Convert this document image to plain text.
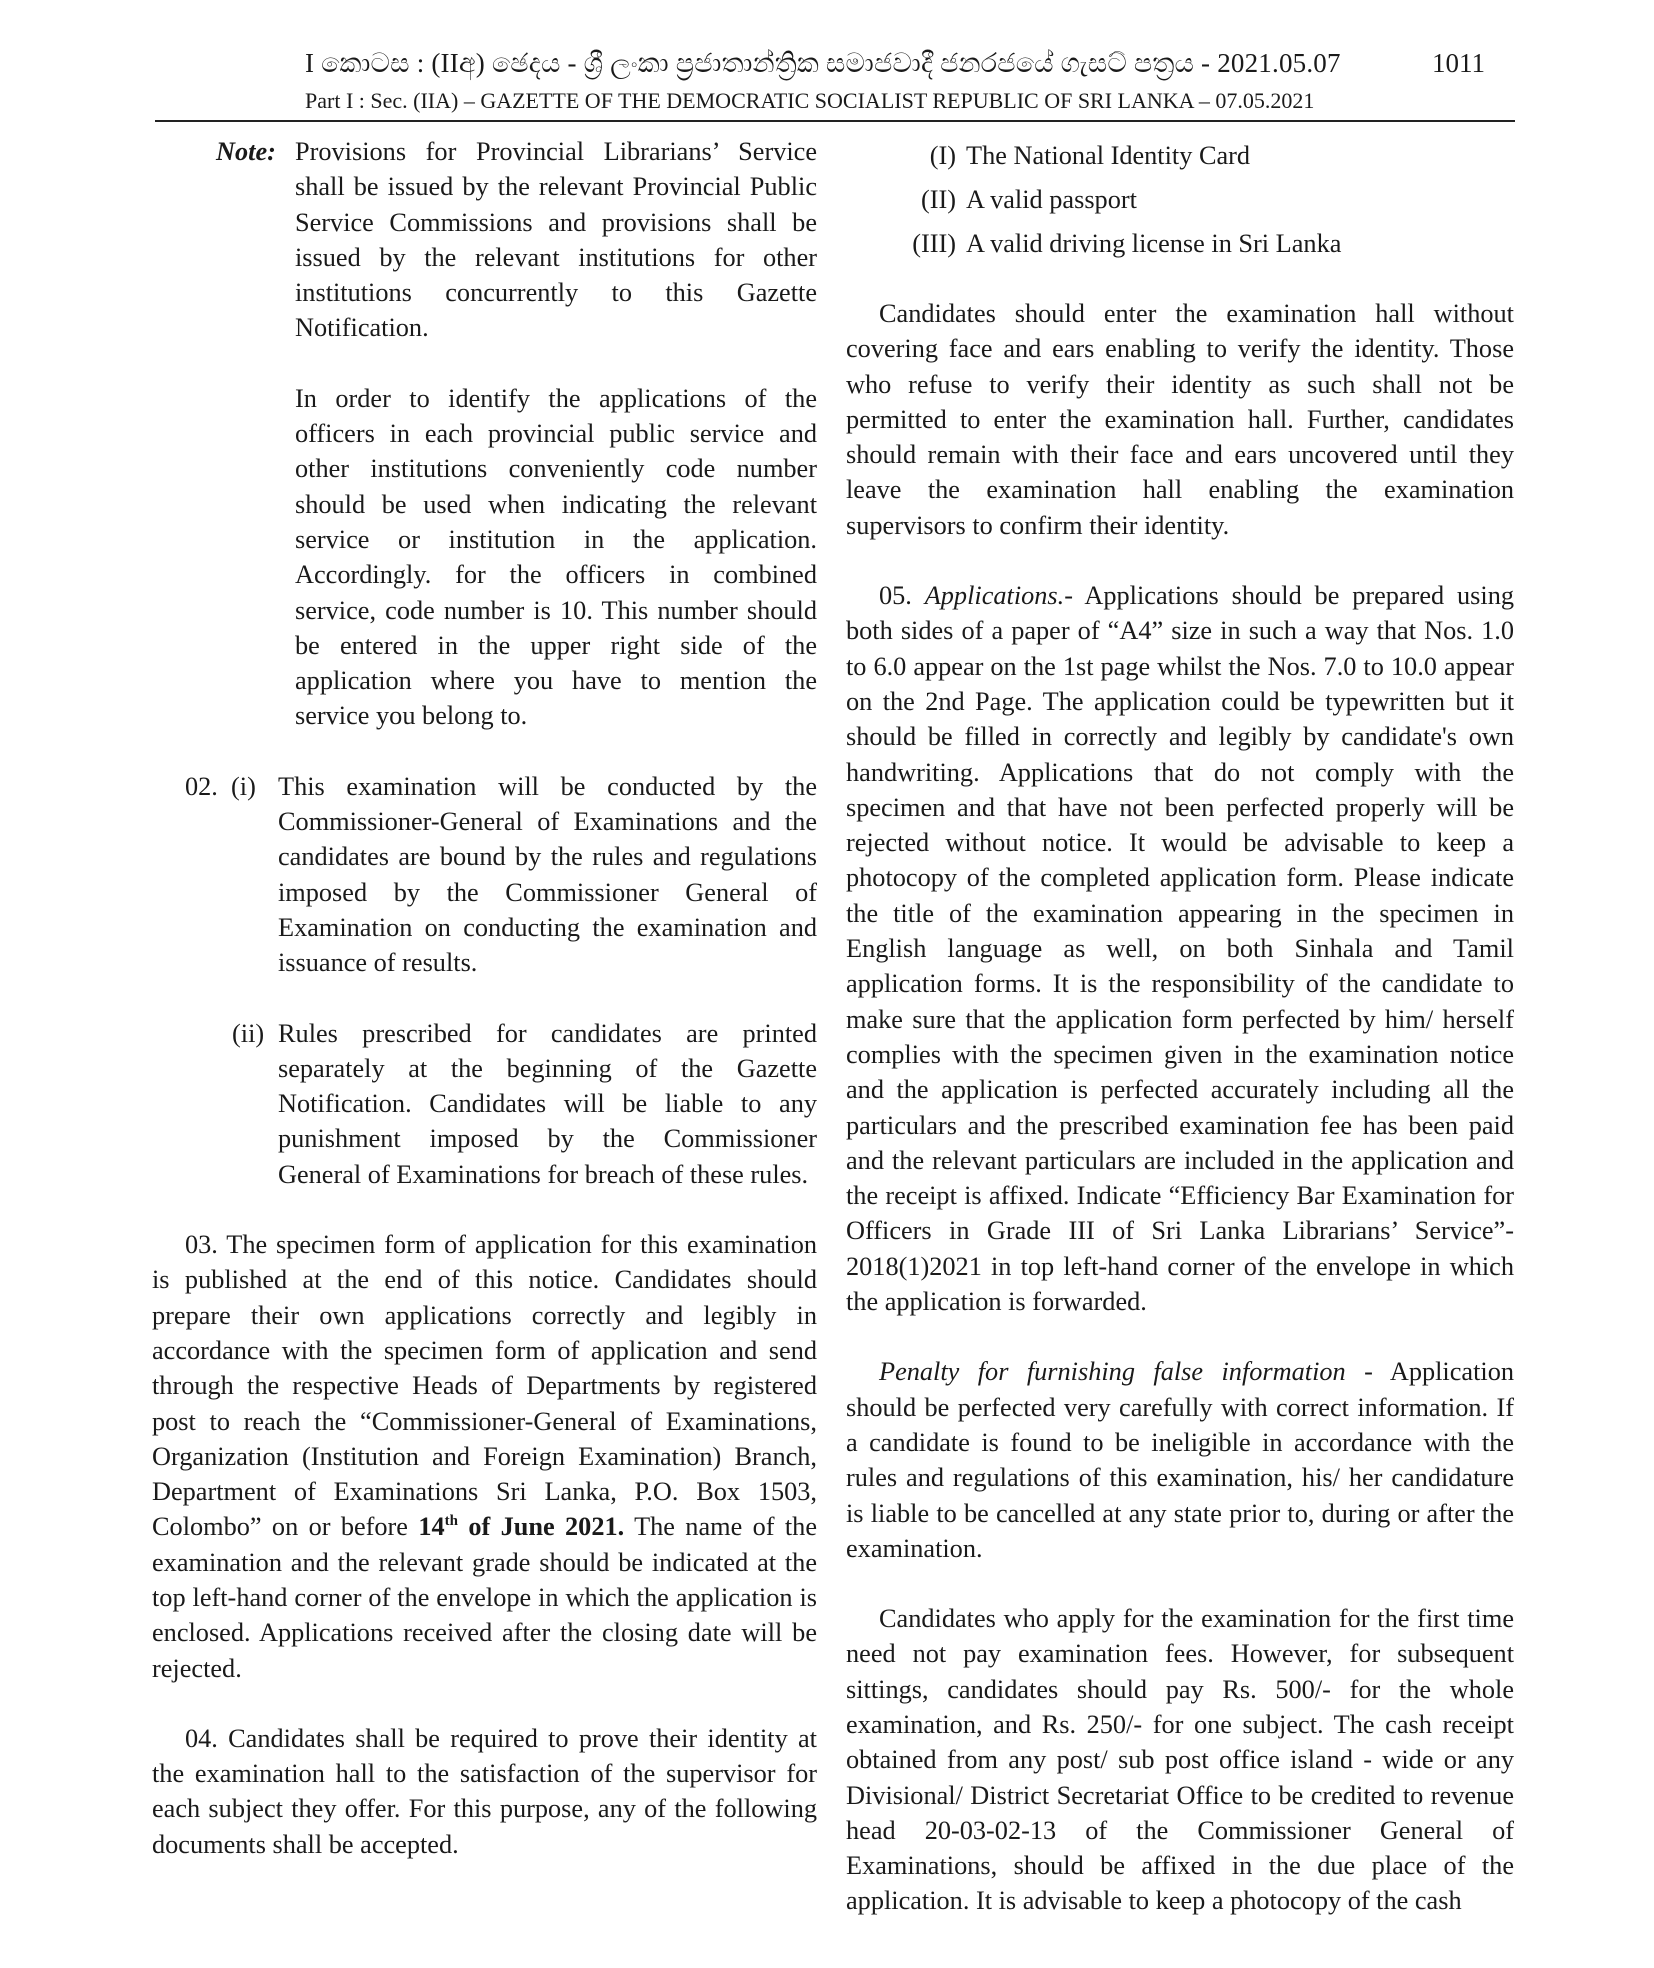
I කොටස : (IIඅ) ඡෙදය - ශ්‍රී ලංකා ප්‍රජාතාන්ත්‍රික සමාජවාදී ජනරජයේ ගැසට් පත්‍රය - 2021.05.07
Part I : Sec. (IIA) – GAZETTE OF THE DEMOCRATIC SOCIALIST REPUBLIC OF SRI LANKA – 07.05.2021
1011
Note: Provisions for Provincial Librarians’ Service shall be issued by the relevant Provincial Public Service Commissions and provisions shall be issued by the relevant institutions for other institutions concurrently to this Gazette Notification.

In order to identify the applications of the officers in each provincial public service and other institutions conveniently code number should be used when indicating the relevant service or institution in the application. Accordingly. for the officers in combined service, code number is 10. This number should be entered in the upper right side of the application where you have to mention the service you belong to.

02. (i) This examination will be conducted by the Commissioner-General of Examinations and the candidates are bound by the rules and regulations imposed by the Commissioner General of Examination on conducting the examination and issuance of results.

(ii) Rules prescribed for candidates are printed separately at the beginning of the Gazette Notification. Candidates will be liable to any punishment imposed by the Commissioner General of Examinations for breach of these rules.

03. The specimen form of application for this examination is published at the end of this notice. Candidates should prepare their own applications correctly and legibly in accordance with the specimen form of application and send through the respective Heads of Departments by registered post to reach the “Commissioner-General of Examinations, Organization (Institution and Foreign Examination) Branch, Department of Examinations Sri Lanka, P.O. Box 1503, Colombo” on or before 14th of June 2021. The name of the examination and the relevant grade should be indicated at the top left-hand corner of the envelope in which the application is enclosed. Applications received after the closing date will be rejected.

04. Candidates shall be required to prove their identity at the examination hall to the satisfaction of the supervisor for each subject they offer. For this purpose, any of the following documents shall be accepted.

(I) The National Identity Card
(II) A valid passport
(III) A valid driving license in Sri Lanka

Candidates should enter the examination hall without covering face and ears enabling to verify the identity. Those who refuse to verify their identity as such shall not be permitted to enter the examination hall. Further, candidates should remain with their face and ears uncovered until they leave the examination hall enabling the examination supervisors to confirm their identity.

05. Applications.- Applications should be prepared using both sides of a paper of “A4” size in such a way that Nos. 1.0 to 6.0 appear on the 1st page whilst the Nos. 7.0 to 10.0 appear on the 2nd Page. The application could be typewritten but it should be filled in correctly and legibly by candidate's own handwriting. Applications that do not comply with the specimen and that have not been perfected properly will be rejected without notice. It would be advisable to keep a photocopy of the completed application form. Please indicate the title of the examination appearing in the specimen in English language as well, on both Sinhala and Tamil application forms. It is the responsibility of the candidate to make sure that the application form perfected by him/ herself complies with the specimen given in the examination notice and the application is perfected accurately including all the particulars and the prescribed examination fee has been paid and the relevant particulars are included in the application and the receipt is affixed. Indicate “Efficiency Bar Examination for Officers in Grade III of Sri Lanka Librarians’ Service”- 2018(1)2021 in top left-hand corner of the envelope in which the application is forwarded.

Penalty for furnishing false information - Application should be perfected very carefully with correct information. If a candidate is found to be ineligible in accordance with the rules and regulations of this examination, his/ her candidature is liable to be cancelled at any state prior to, during or after the examination.

Candidates who apply for the examination for the first time need not pay examination fees. However, for subsequent sittings, candidates should pay Rs. 500/- for the whole examination, and Rs. 250/- for one subject. The cash receipt obtained from any post/ sub post office island - wide or any Divisional/ District Secretariat Office to be credited to revenue head 20-03-02-13 of the Commissioner General of Examinations, should be affixed in the due place of the application. It is advisable to keep a photocopy of the cash
